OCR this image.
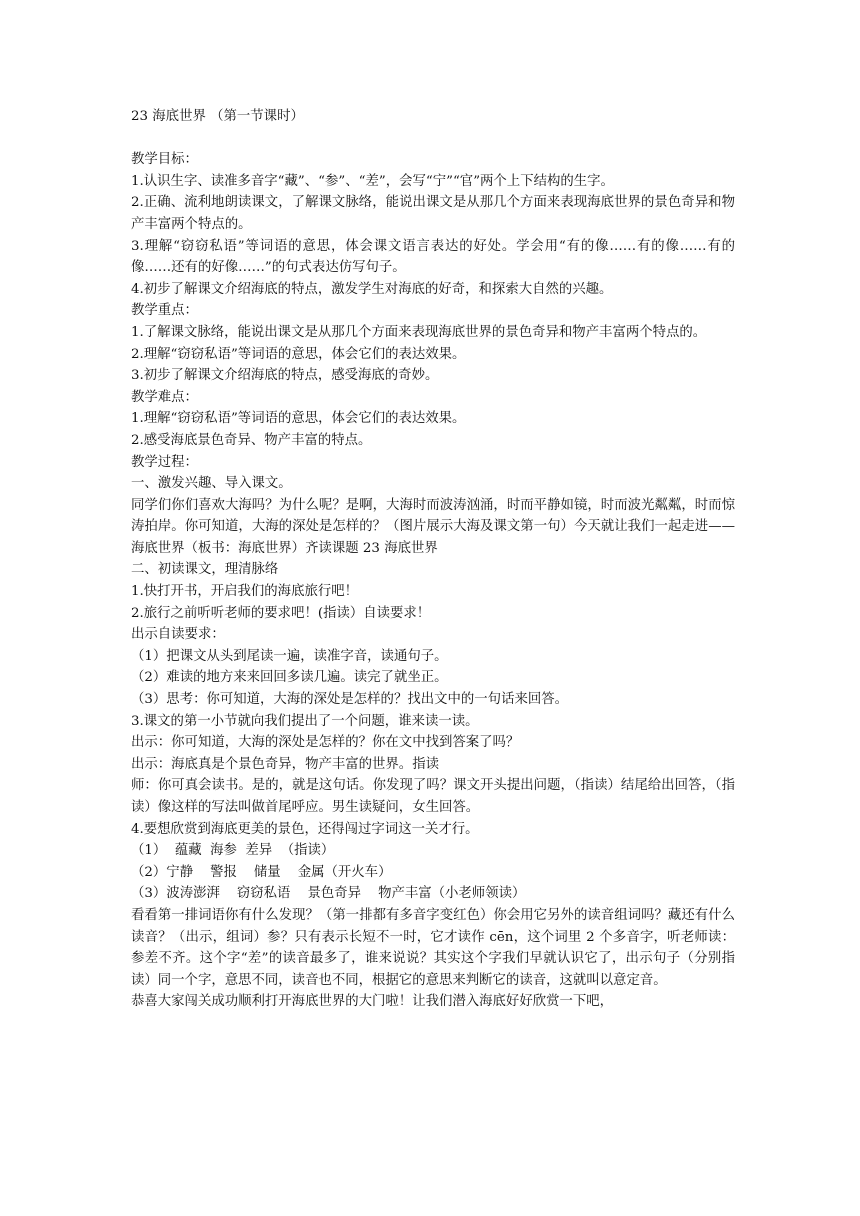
23 海底世界 （第一节课时）
教学目标：
1.认识生字、读准多音字“藏”、“参”、“差”，会写“宁”“官”两个上下结构的生字。
2.正确、流利地朗读课文，了解课文脉络，能说出课文是从那几个方面来表现海底世界的景色奇异和物产丰富两个特点的。
3.理解“窃窃私语”等词语的意思，体会课文语言表达的好处。学会用“有的像……有的像……有的像……还有的好像……”的句式表达仿写句子。
4.初步了解课文介绍海底的特点，激发学生对海底的好奇，和探索大自然的兴趣。
教学重点：
1.了解课文脉络，能说出课文是从那几个方面来表现海底世界的景色奇异和物产丰富两个特点的。
2.理解“窃窃私语”等词语的意思，体会它们的表达效果。
3.初步了解课文介绍海底的特点，感受海底的奇妙。
教学难点：
1.理解“窃窃私语”等词语的意思，体会它们的表达效果。
2.感受海底景色奇异、物产丰富的特点。
教学过程：
一、激发兴趣、导入课文。
同学们你们喜欢大海吗？为什么呢？是啊，大海时而波涛汹涌，时而平静如镜，时而波光粼粼，时而惊涛拍岸。你可知道，大海的深处是怎样的？（图片展示大海及课文第一句）今天就让我们一起走进——海底世界（板书：海底世界）齐读课题 23 海底世界
二、初读课文，理清脉络
1.快打开书，开启我们的海底旅行吧！
2.旅行之前听听老师的要求吧！(指读）自读要求！
出示自读要求：
（1）把课文从头到尾读一遍，读准字音，读通句子。
（2）难读的地方来来回回多读几遍。读完了就坐正。
（3）思考：你可知道，大海的深处是怎样的？找出文中的一句话来回答。
3.课文的第一小节就向我们提出了一个问题，谁来读一读。
出示：你可知道，大海的深处是怎样的？你在文中找到答案了吗？
出示：海底真是个景色奇异，物产丰富的世界。指读
师：你可真会读书。是的，就是这句话。你发现了吗？课文开头提出问题，（指读）结尾给出回答，（指读）像这样的写法叫做首尾呼应。男生读疑问，女生回答。
4.要想欣赏到海底更美的景色，还得闯过字词这一关才行。
（1）  蕴藏  海参  差异  （指读）
（2）宁静    警报    储量    金属（开火车）
（3）波涛澎湃    窃窃私语    景色奇异    物产丰富（小老师领读）
看看第一排词语你有什么发现？（第一排都有多音字变红色）你会用它另外的读音组词吗？藏还有什么读音？（出示，组词）参？只有表示长短不一时，它才读作 cēn，这个词里 2 个多音字，听老师读：参差不齐。这个字“差”的读音最多了，谁来说说？其实这个字我们早就认识它了，出示句子（分别指读）同一个字，意思不同，读音也不同，根据它的意思来判断它的读音，这就叫以意定音。
恭喜大家闯关成功顺利打开海底世界的大门啦！让我们潜入海底好好欣赏一下吧，
